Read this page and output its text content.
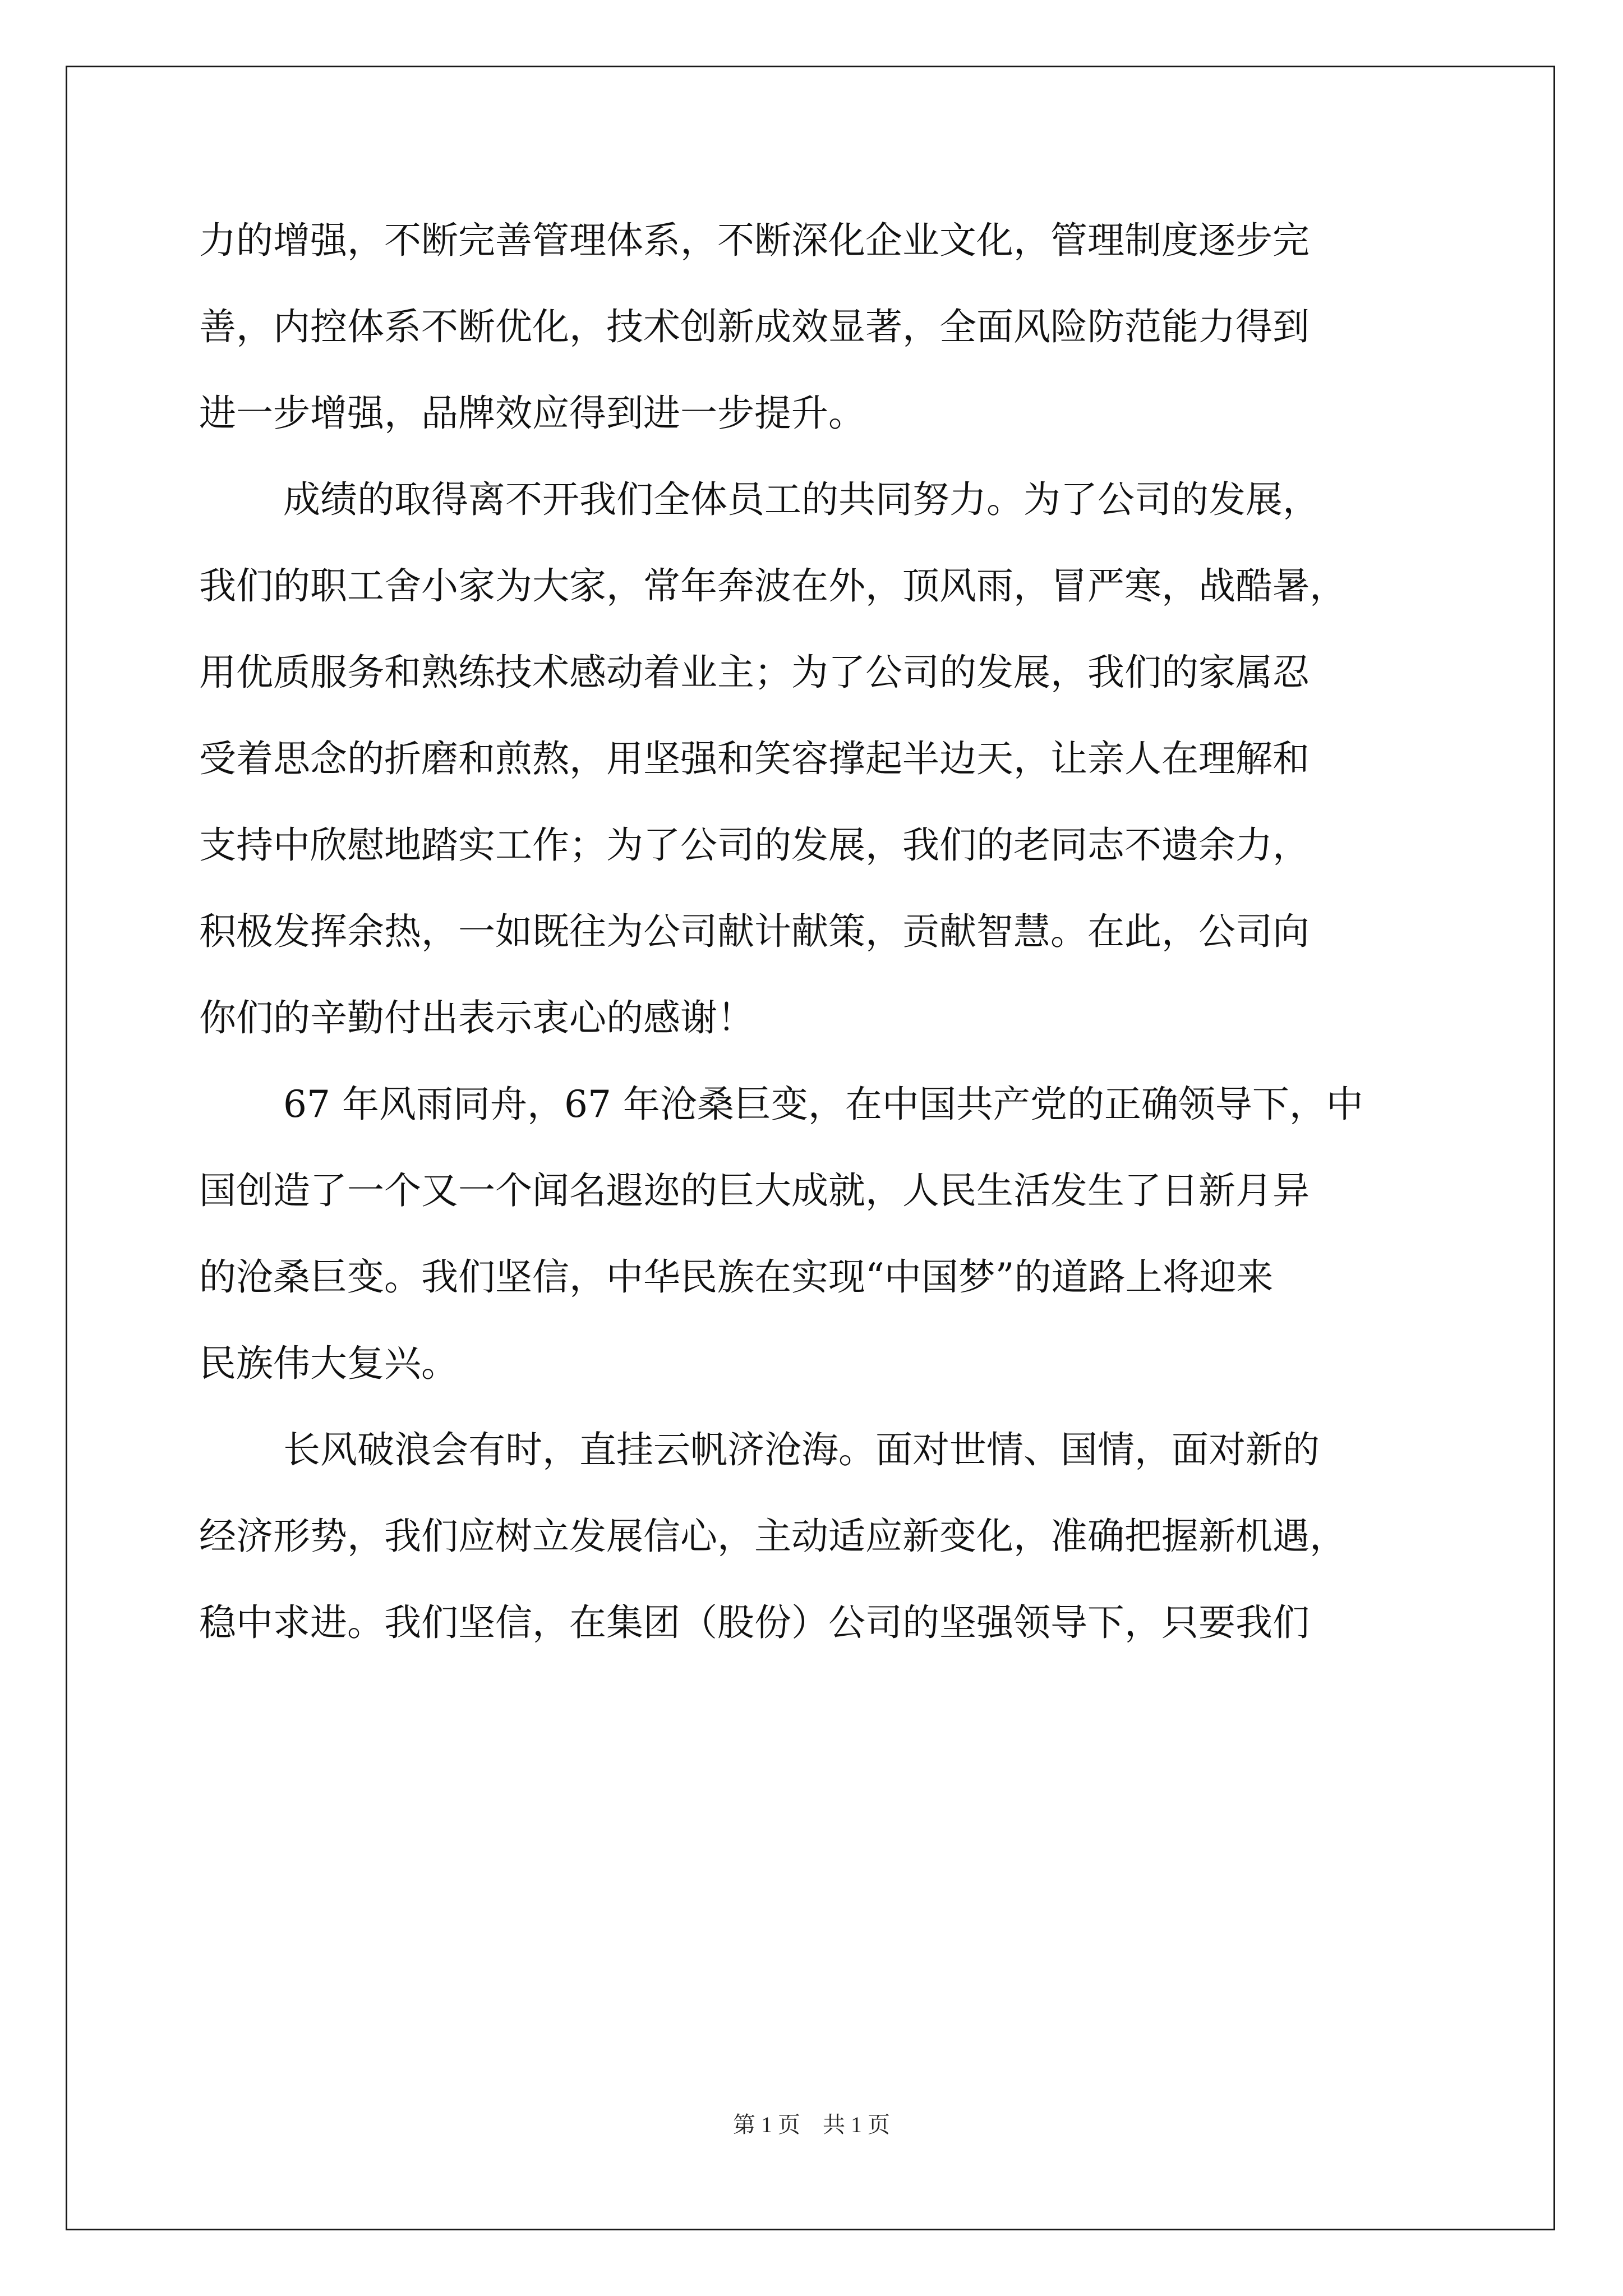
力的增强，不断完善管理体系，不断深化企业文化，管理制度逐步完
善，内控体系不断优化，技术创新成效显著，全面风险防范能力得到
进一步增强，品牌效应得到进一步提升。
成绩的取得离不开我们全体员工的共同努力。为了公司的发展，
我们的职工舍小家为大家，常年奔波在外，顶风雨，冒严寒，战酷暑，
用优质服务和熟练技术感动着业主；为了公司的发展，我们的家属忍
受着思念的折磨和煎熬，用坚强和笑容撑起半边天，让亲人在理解和
支持中欣慰地踏实工作；为了公司的发展，我们的老同志不遗余力，
积极发挥余热，一如既往为公司献计献策，贡献智慧。在此，公司向
你们的辛勤付出表示衷心的感谢！
67 年风雨同舟，67 年沧桑巨变，在中国共产党的正确领导下，中
国创造了一个又一个闻名遐迩的巨大成就，人民生活发生了日新月异
的沧桑巨变。我们坚信，中华民族在实现“中国梦”的道路上将迎来
民族伟大复兴。
长风破浪会有时，直挂云帆济沧海。面对世情、国情，面对新的
经济形势，我们应树立发展信心，主动适应新变化，准确把握新机遇，
稳中求进。我们坚信，在集团（股份）公司的坚强领导下，只要我们
第 1 页　共 1 页
